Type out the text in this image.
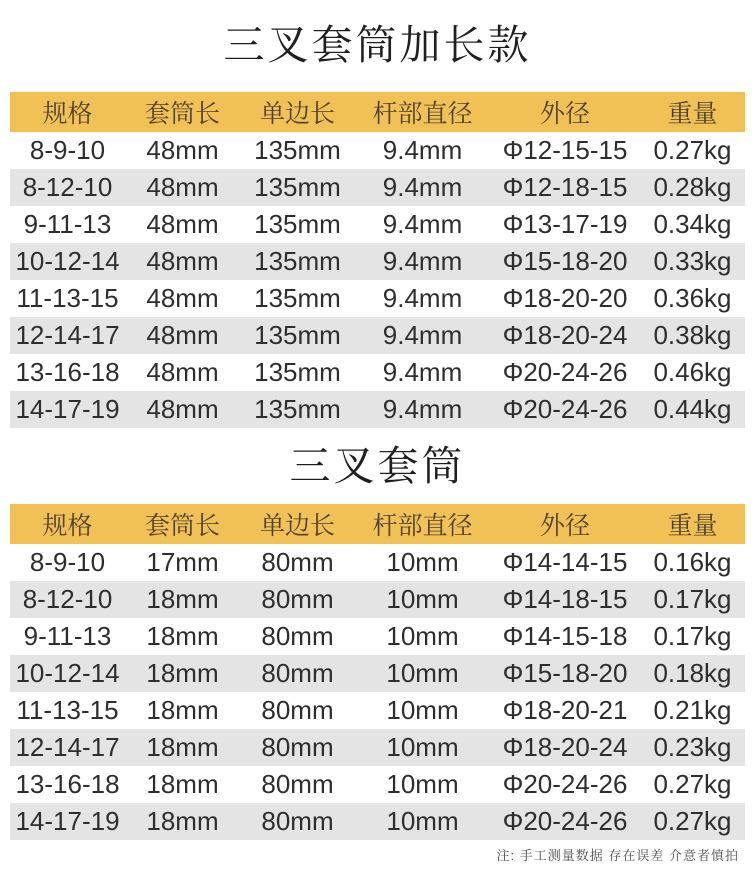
三叉套筒加长款
规格	套筒长	单边长	杆部直径	外径	重量
8-9-10	48mm	135mm	9.4mm	Φ12-15-15	0.27kg
8-12-10	48mm	135mm	9.4mm	Φ12-18-15	0.28kg
9-11-13	48mm	135mm	9.4mm	Φ13-17-19	0.34kg
10-12-14	48mm	135mm	9.4mm	Φ15-18-20	0.33kg
11-13-15	48mm	135mm	9.4mm	Φ18-20-20	0.36kg
12-14-17	48mm	135mm	9.4mm	Φ18-20-24	0.38kg
13-16-18	48mm	135mm	9.4mm	Φ20-24-26	0.46kg
14-17-19	48mm	135mm	9.4mm	Φ20-24-26	0.44kg
三叉套筒
规格	套筒长	单边长	杆部直径	外径	重量
8-9-10	17mm	80mm	10mm	Φ14-14-15	0.16kg
8-12-10	18mm	80mm	10mm	Φ14-18-15	0.17kg
9-11-13	18mm	80mm	10mm	Φ14-15-18	0.17kg
10-12-14	18mm	80mm	10mm	Φ15-18-20	0.18kg
11-13-15	18mm	80mm	10mm	Φ18-20-21	0.21kg
12-14-17	18mm	80mm	10mm	Φ18-20-24	0.23kg
13-16-18	18mm	80mm	10mm	Φ20-24-26	0.27kg
14-17-19	18mm	80mm	10mm	Φ20-24-26	0.27kg
注: 手工测量数据 存在误差 介意者慎拍
